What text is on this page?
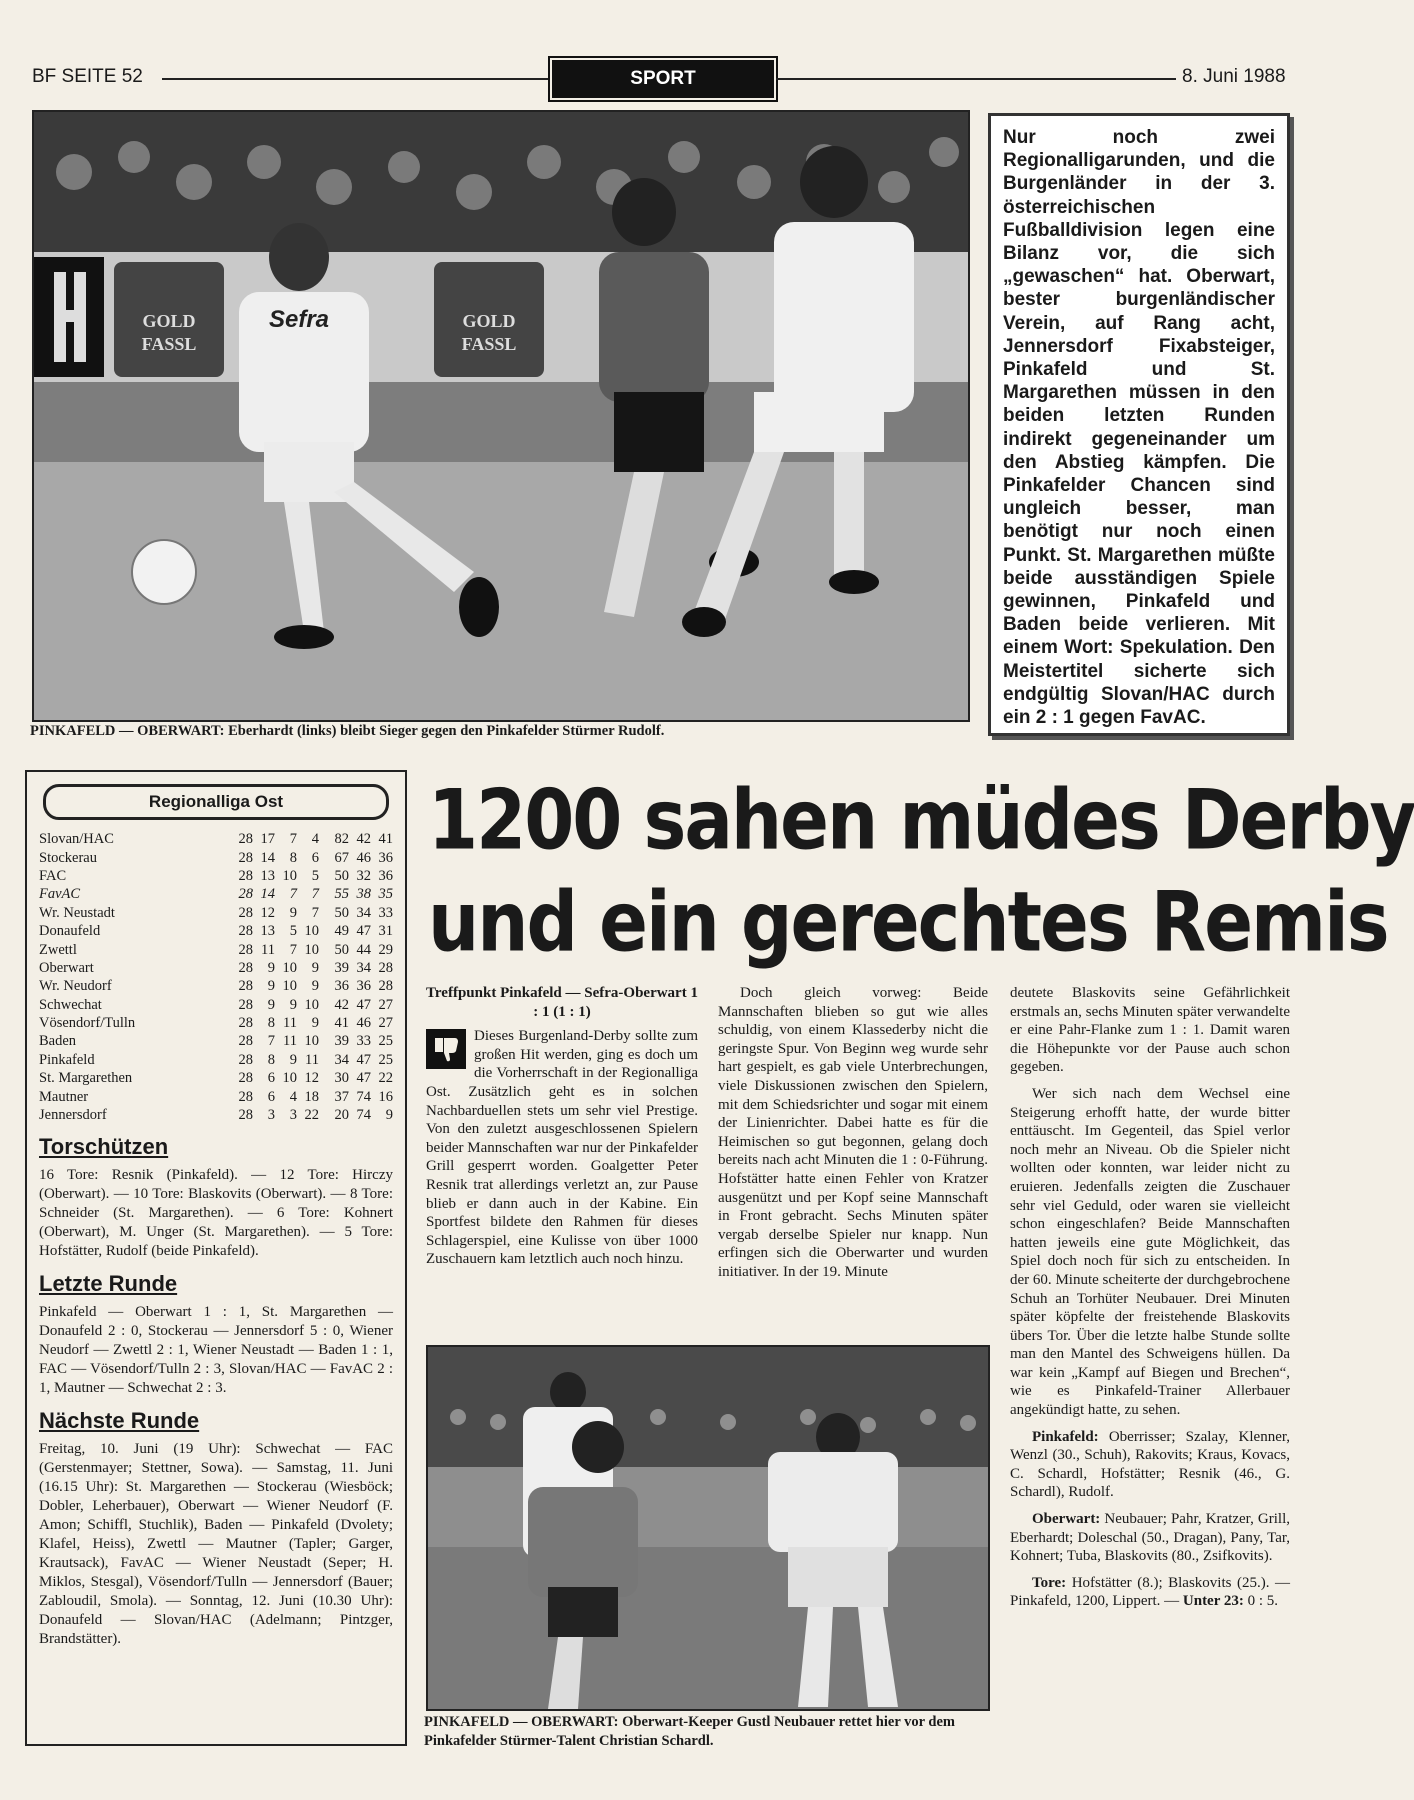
BF SEITE 52	SPORT	8. Juni 1988
GOLD
FASSL
GOLD
FASSL
Sefra
PINKAFELD — OBERWART: Eberhardt (links) bleibt Sieger gegen den Pinkafelder Stürmer Rudolf.
Nur noch zwei Regionalligarunden, und die Burgenländer in der 3. österreichischen Fußballdivision legen eine Bilanz vor, die sich „gewaschen“ hat. Oberwart, bester burgenländischer Verein, auf Rang acht, Jennersdorf Fixabsteiger, Pinkafeld und St. Margarethen müssen in den beiden letzten Runden indirekt gegeneinander um den Abstieg kämpfen. Die Pinkafelder Chancen sind ungleich besser, man benötigt nur noch einen Punkt. St. Margarethen müßte beide ausständigen Spiele gewinnen, Pinkafeld und Baden beide verlieren. Mit einem Wort: Spekulation. Den Meistertitel sicherte sich endgültig Slovan/HAC durch ein 2 : 1 gegen FavAC.
Regionalliga Ost
Slovan/HAC	28	17	7	4	82	42	41
Stockerau	28	14	8	6	67	46	36
FAC	28	13	10	5	50	32	36
FavAC	28	14	7	7	55	38	35
Wr. Neustadt	28	12	9	7	50	34	33
Donaufeld	28	13	5	10	49	47	31
Zwettl	28	11	7	10	50	44	29
Oberwart	28	9	10	9	39	34	28
Wr. Neudorf	28	9	10	9	36	36	28
Schwechat	28	9	9	10	42	47	27
Vösendorf/Tulln	28	8	11	9	41	46	27
Baden	28	7	11	10	39	33	25
Pinkafeld	28	8	9	11	34	47	25
St. Margarethen	28	6	10	12	30	47	22
Mautner	28	6	4	18	37	74	16
Jennersdorf	28	3	3	22	20	74	9
Torschützen
16 Tore: Resnik (Pinkafeld). — 12 Tore: Hirczy (Oberwart). — 10 Tore: Blaskovits (Oberwart). — 8 Tore: Schneider (St. Margarethen). — 6 Tore: Kohnert (Oberwart), M. Unger (St. Margarethen). — 5 Tore: Hofstätter, Rudolf (beide Pinkafeld).
Letzte Runde
Pinkafeld — Oberwart 1 : 1, St. Margarethen — Donaufeld 2 : 0, Stockerau — Jennersdorf 5 : 0, Wiener Neudorf — Zwettl 2 : 1, Wiener Neustadt — Baden 1 : 1, FAC — Vösendorf/Tulln 2 : 3, Slovan/HAC — FavAC 2 : 1, Mautner — Schwechat 2 : 3.
Nächste Runde
Freitag, 10. Juni (19 Uhr): Schwechat — FAC (Gerstenmayer; Stettner, Sowa). — Samstag, 11. Juni (16.15 Uhr): St. Margarethen — Stockerau (Wiesböck; Dobler, Leherbauer), Oberwart — Wiener Neudorf (F. Amon; Schiffl, Stuchlik), Baden — Pinkafeld (Dvolety; Klafel, Heiss), Zwettl — Mautner (Tapler; Garger, Krautsack), FavAC — Wiener Neustadt (Seper; H. Miklos, Stesgal), Vösendorf/Tulln — Jennersdorf (Bauer; Zabloudil, Smola). — Sonntag, 12. Juni (10.30 Uhr): Donaufeld — Slovan/HAC (Adelmann; Pintzger, Brandstätter).
1200 sahen müdes Derby
und ein gerechtes Remis
Treffpunkt Pinkafeld — Sefra-Oberwart 1 : 1 (1 : 1)

Dieses Burgenland-Derby sollte zum großen Hit werden, ging es doch um die Vorherrschaft in der Regionalliga Ost. Zusätzlich geht es in solchen Nachbarduellen stets um sehr viel Prestige. Von den zuletzt ausgeschlossenen Spielern beider Mannschaften war nur der Pinkafelder Grill gesperrt worden. Goalgetter Peter Resnik trat allerdings verletzt an, zur Pause blieb er dann auch in der Kabine. Ein Sportfest bildete den Rahmen für dieses Schlagerspiel, eine Kulisse von über 1000 Zuschauern kam letztlich auch noch hinzu.

Doch gleich vorweg: Beide Mannschaften blieben so gut wie alles schuldig, von einem Klassederby nicht die geringste Spur. Von Beginn weg wurde sehr hart gespielt, es gab viele Unterbrechungen, viele Diskussionen zwischen den Spielern, mit dem Schiedsrichter und sogar mit einem der Linienrichter. Dabei hatte es für die Heimischen so gut begonnen, gelang doch bereits nach acht Minuten die 1 : 0-Führung. Hofstätter hatte einen Fehler von Kratzer ausgenützt und per Kopf seine Mannschaft in Front gebracht. Sechs Minuten später vergab derselbe Spieler nur knapp. Nun erfingen sich die Oberwarter und wurden initiativer. In der 19. Minute

PINKAFELD — OBERWART: Oberwart-Keeper Gustl Neubauer rettet hier vor dem Pinkafelder Stürmer-Talent Christian Schardl.

deutete Blaskovits seine Gefährlichkeit erstmals an, sechs Minuten später verwandelte er eine Pahr-Flanke zum 1 : 1. Damit waren die Höhepunkte vor der Pause auch schon gegeben.

Wer sich nach dem Wechsel eine Steigerung erhofft hatte, der wurde bitter enttäuscht. Im Gegenteil, das Spiel verlor noch mehr an Niveau. Ob die Spieler nicht wollten oder konnten, war leider nicht zu eruieren. Jedenfalls zeigten die Zuschauer sehr viel Geduld, oder waren sie vielleicht schon eingeschlafen? Beide Mannschaften hatten jeweils eine gute Möglichkeit, das Spiel doch noch für sich zu entscheiden. In der 60. Minute scheiterte der durchgebrochene Schuh an Torhüter Neubauer. Drei Minuten später köpfelte der freistehende Blaskovits übers Tor. Über die letzte halbe Stunde sollte man den Mantel des Schweigens hüllen. Da war kein „Kampf auf Biegen und Brechen“, wie es Pinkafeld-Trainer Allerbauer angekündigt hatte, zu sehen.

Pinkafeld: Oberrisser; Szalay, Klenner, Wenzl (30., Schuh), Rakovits; Kraus, Kovacs, C. Schardl, Hofstätter; Resnik (46., G. Schardl), Rudolf.

Oberwart: Neubauer; Pahr, Kratzer, Grill, Eberhardt; Doleschal (50., Dragan), Pany, Tar, Kohnert; Tuba, Blaskovits (80., Zsifkovits).

Tore: Hofstätter (8.); Blaskovits (25.). — Pinkafeld, 1200, Lippert. — Unter 23: 0 : 5.
